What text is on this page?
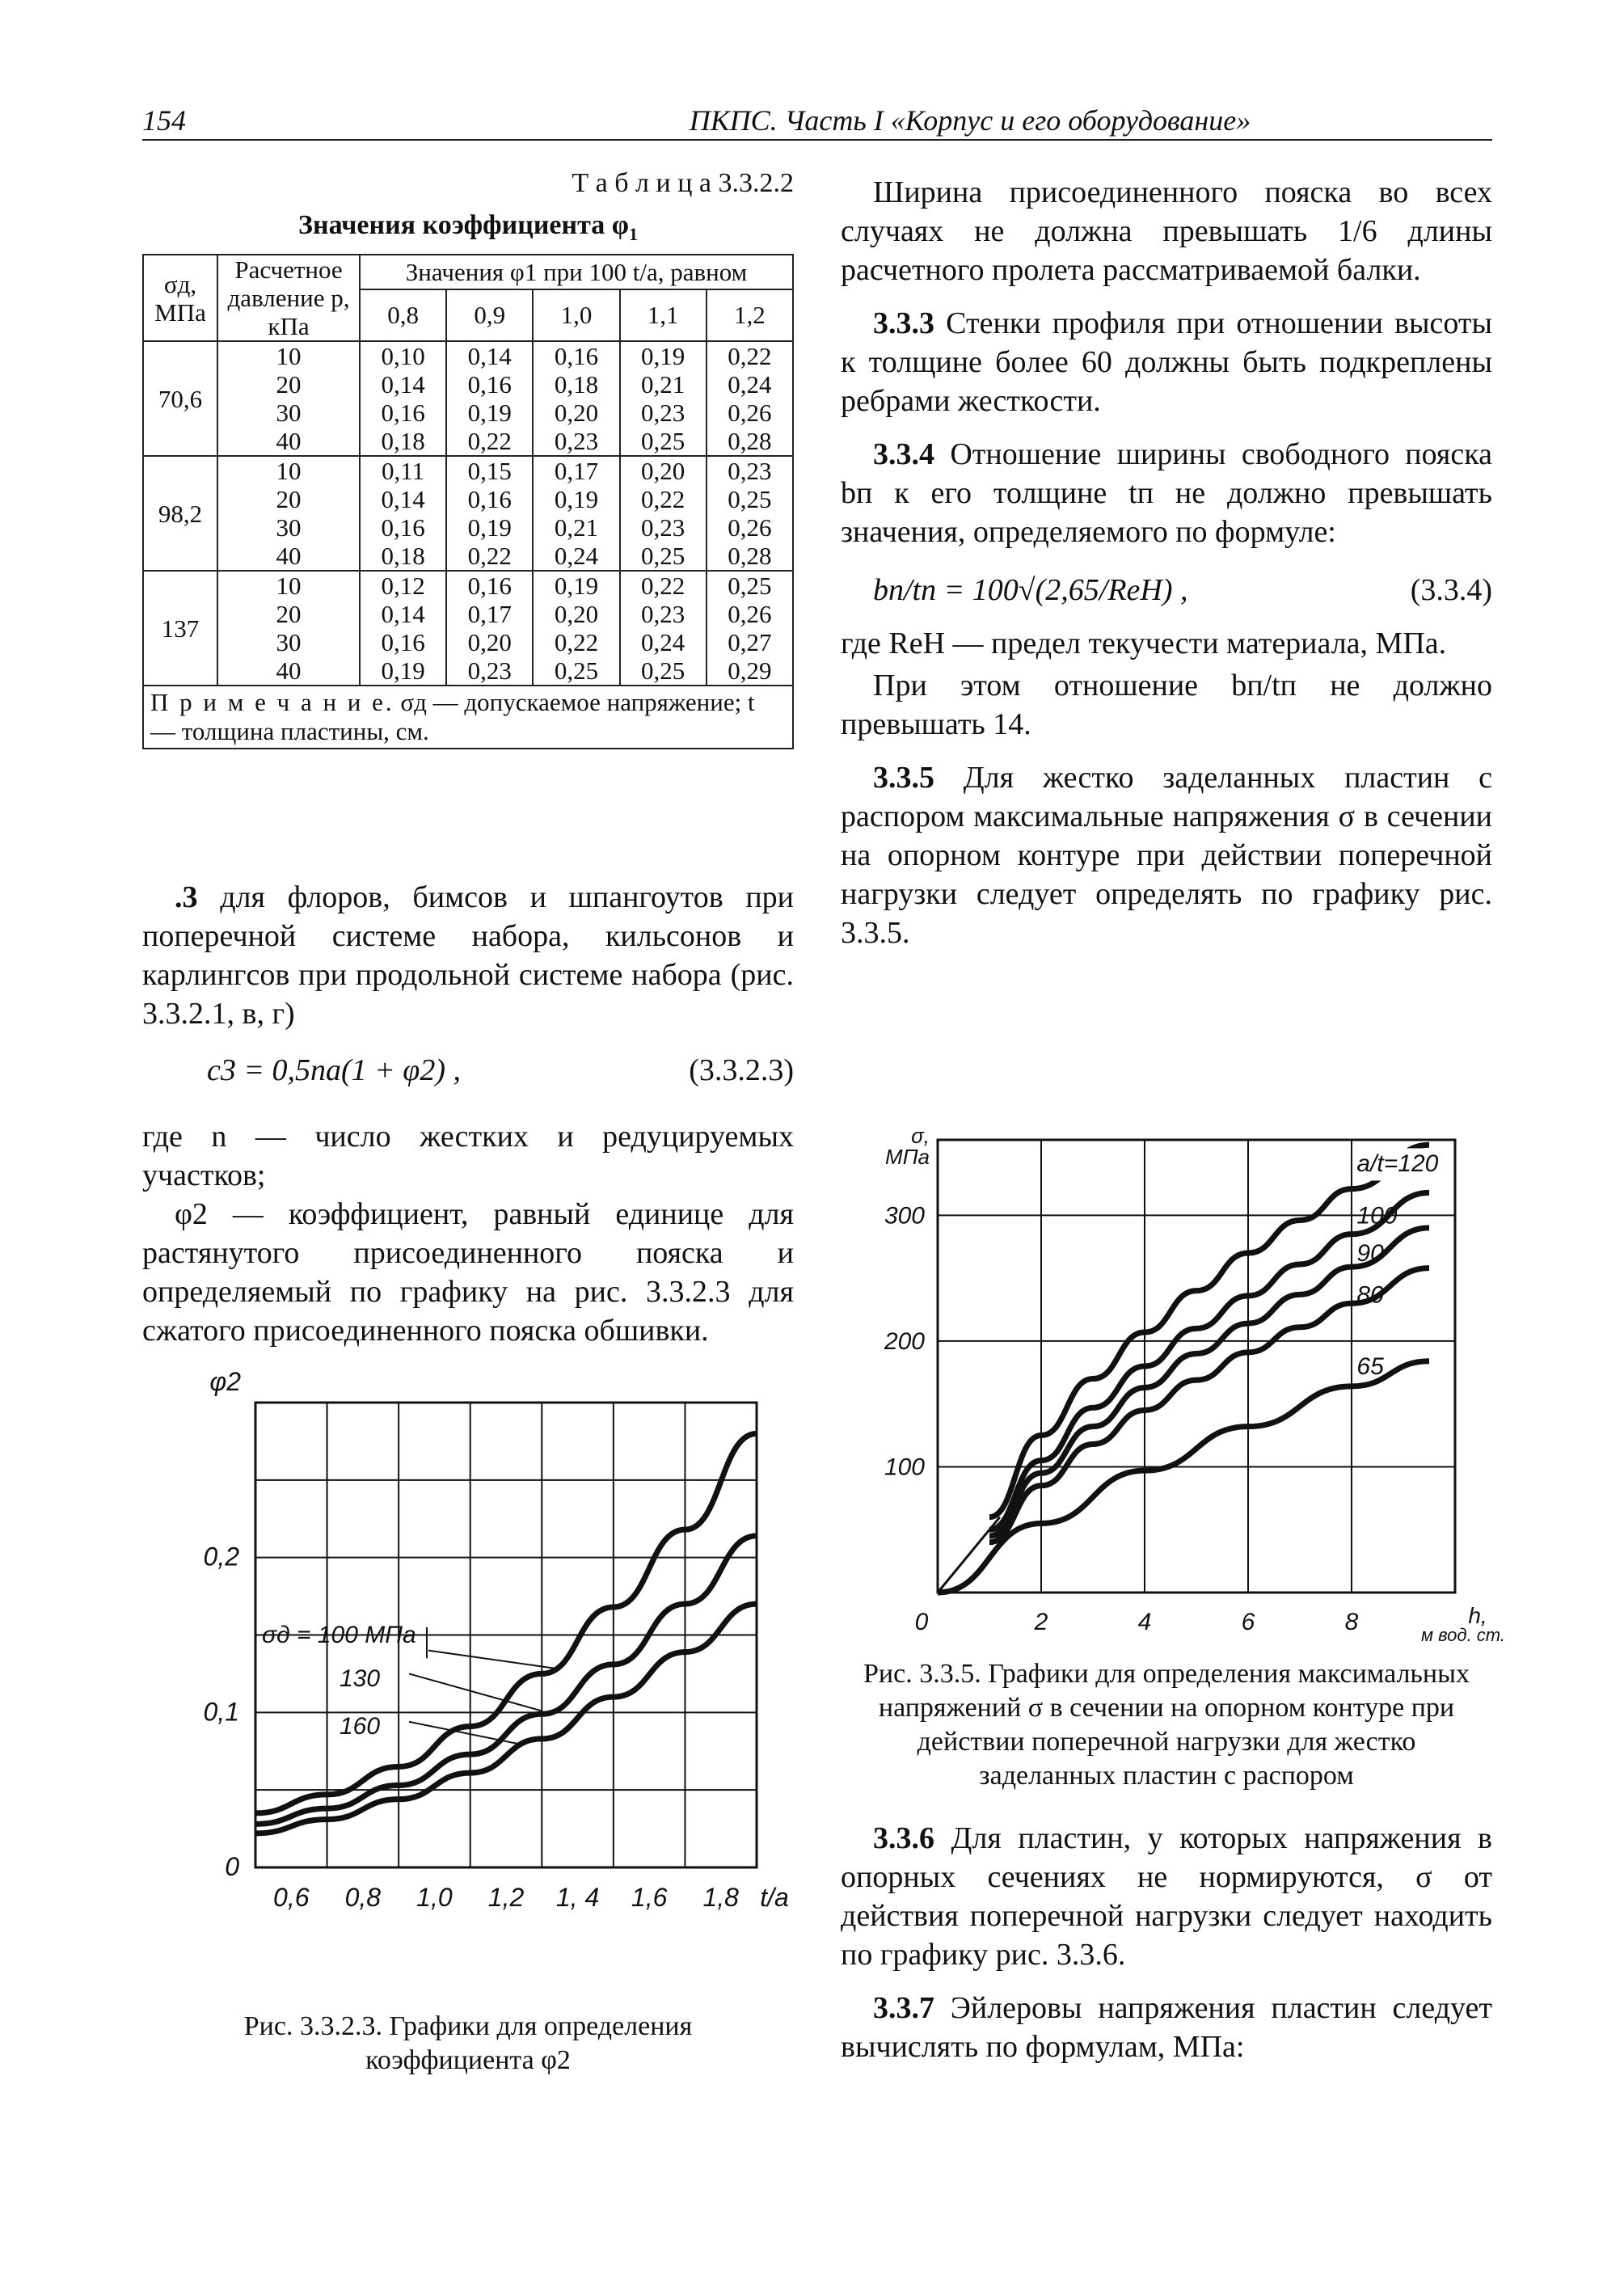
154	ПКПС. Часть I «Корпус и его оборудование»
Т а б л и ц а 3.3.2.2
Значения коэффициента $\varphi_1$
σд, МПа	Расчетное давление p, кПа	Значения φ1 при 100 t/a, равном				
		0,8	0,9	1,0	1,1	1,2
70,6	10	0,10	0,14	0,16	0,19	0,22
	20	0,14	0,16	0,18	0,21	0,24
	30	0,16	0,19	0,20	0,23	0,26
	40	0,18	0,22	0,23	0,25	0,28
98,2	10	0,11	0,15	0,17	0,20	0,23
	20	0,14	0,16	0,19	0,22	0,25
	30	0,16	0,19	0,21	0,23	0,26
	40	0,18	0,22	0,24	0,25	0,28
137	10	0,12	0,16	0,19	0,22	0,25
	20	0,14	0,17	0,20	0,23	0,26
	30	0,16	0,20	0,22	0,24	0,27
	40	0,19	0,23	0,25	0,25	0,29
П р и м е ч а н и е. σд — допускаемое напряжение; t — толщина пластины, см.						

.3 для флоров, бимсов и шпангоутов при поперечной системе набора, кильсонов и карлингсов при продольной системе набора (рис. 3.3.2.1, в, г)

c3 = 0,5na(1 + φ2) ,	(3.3.2.3)

где n — число жестких и редуцируемых участков;

φ2 — коэффициент, равный единице для растянутого присоединенного пояска и определяемый по графику на рис. 3.3.2.3 для сжатого присоединенного пояска обшивки.

0,6 0,8 1,0 1,2 1, 4 1,6 1,8 t/a
0
0,1
0,2
φ2
σд = 100 МПа
130
160
Рис. 3.3.2.3. Графики для определения
коэффициента φ2

Ширина присоединенного пояска во всех случаях не должна превышать 1/6 длины расчетного пролета рассматриваемой балки.

3.3.3 Стенки профиля при отношении высоты к толщине более 60 должны быть подкреплены ребрами жесткости.

3.3.4 Отношение ширины свободного пояска bп к его толщине tп не должно превышать значения, определяемого по формуле:

bп/tп = 100√(2,65/ReH) ,	(3.3.4)

где ReH — предел текучести материала, МПа.

При этом отношение bп/tп не должно превышать 14.

3.3.5 Для жестко заделанных пластин с распором максимальные напряжения σ в сечении на опорном контуре при действии поперечной нагрузки следует определять по графику рис. 3.3.5.

0	2	4	6	8
100
200
300
σ,
МПа
h,
м вод. ст.
a/t=120
100
90
80
65
Рис. 3.3.5. Графики для определения максимальных напряжений σ в сечении на опорном контуре при действии поперечной нагрузки для жестко заделанных пластин с распором

3.3.6 Для пластин, у которых напряжения в опорных сечениях не нормируются, σ от действия поперечной нагрузки следует находить по графику рис. 3.3.6.

3.3.7 Эйлеровы напряжения пластин следует вычислять по формулам, МПа:
